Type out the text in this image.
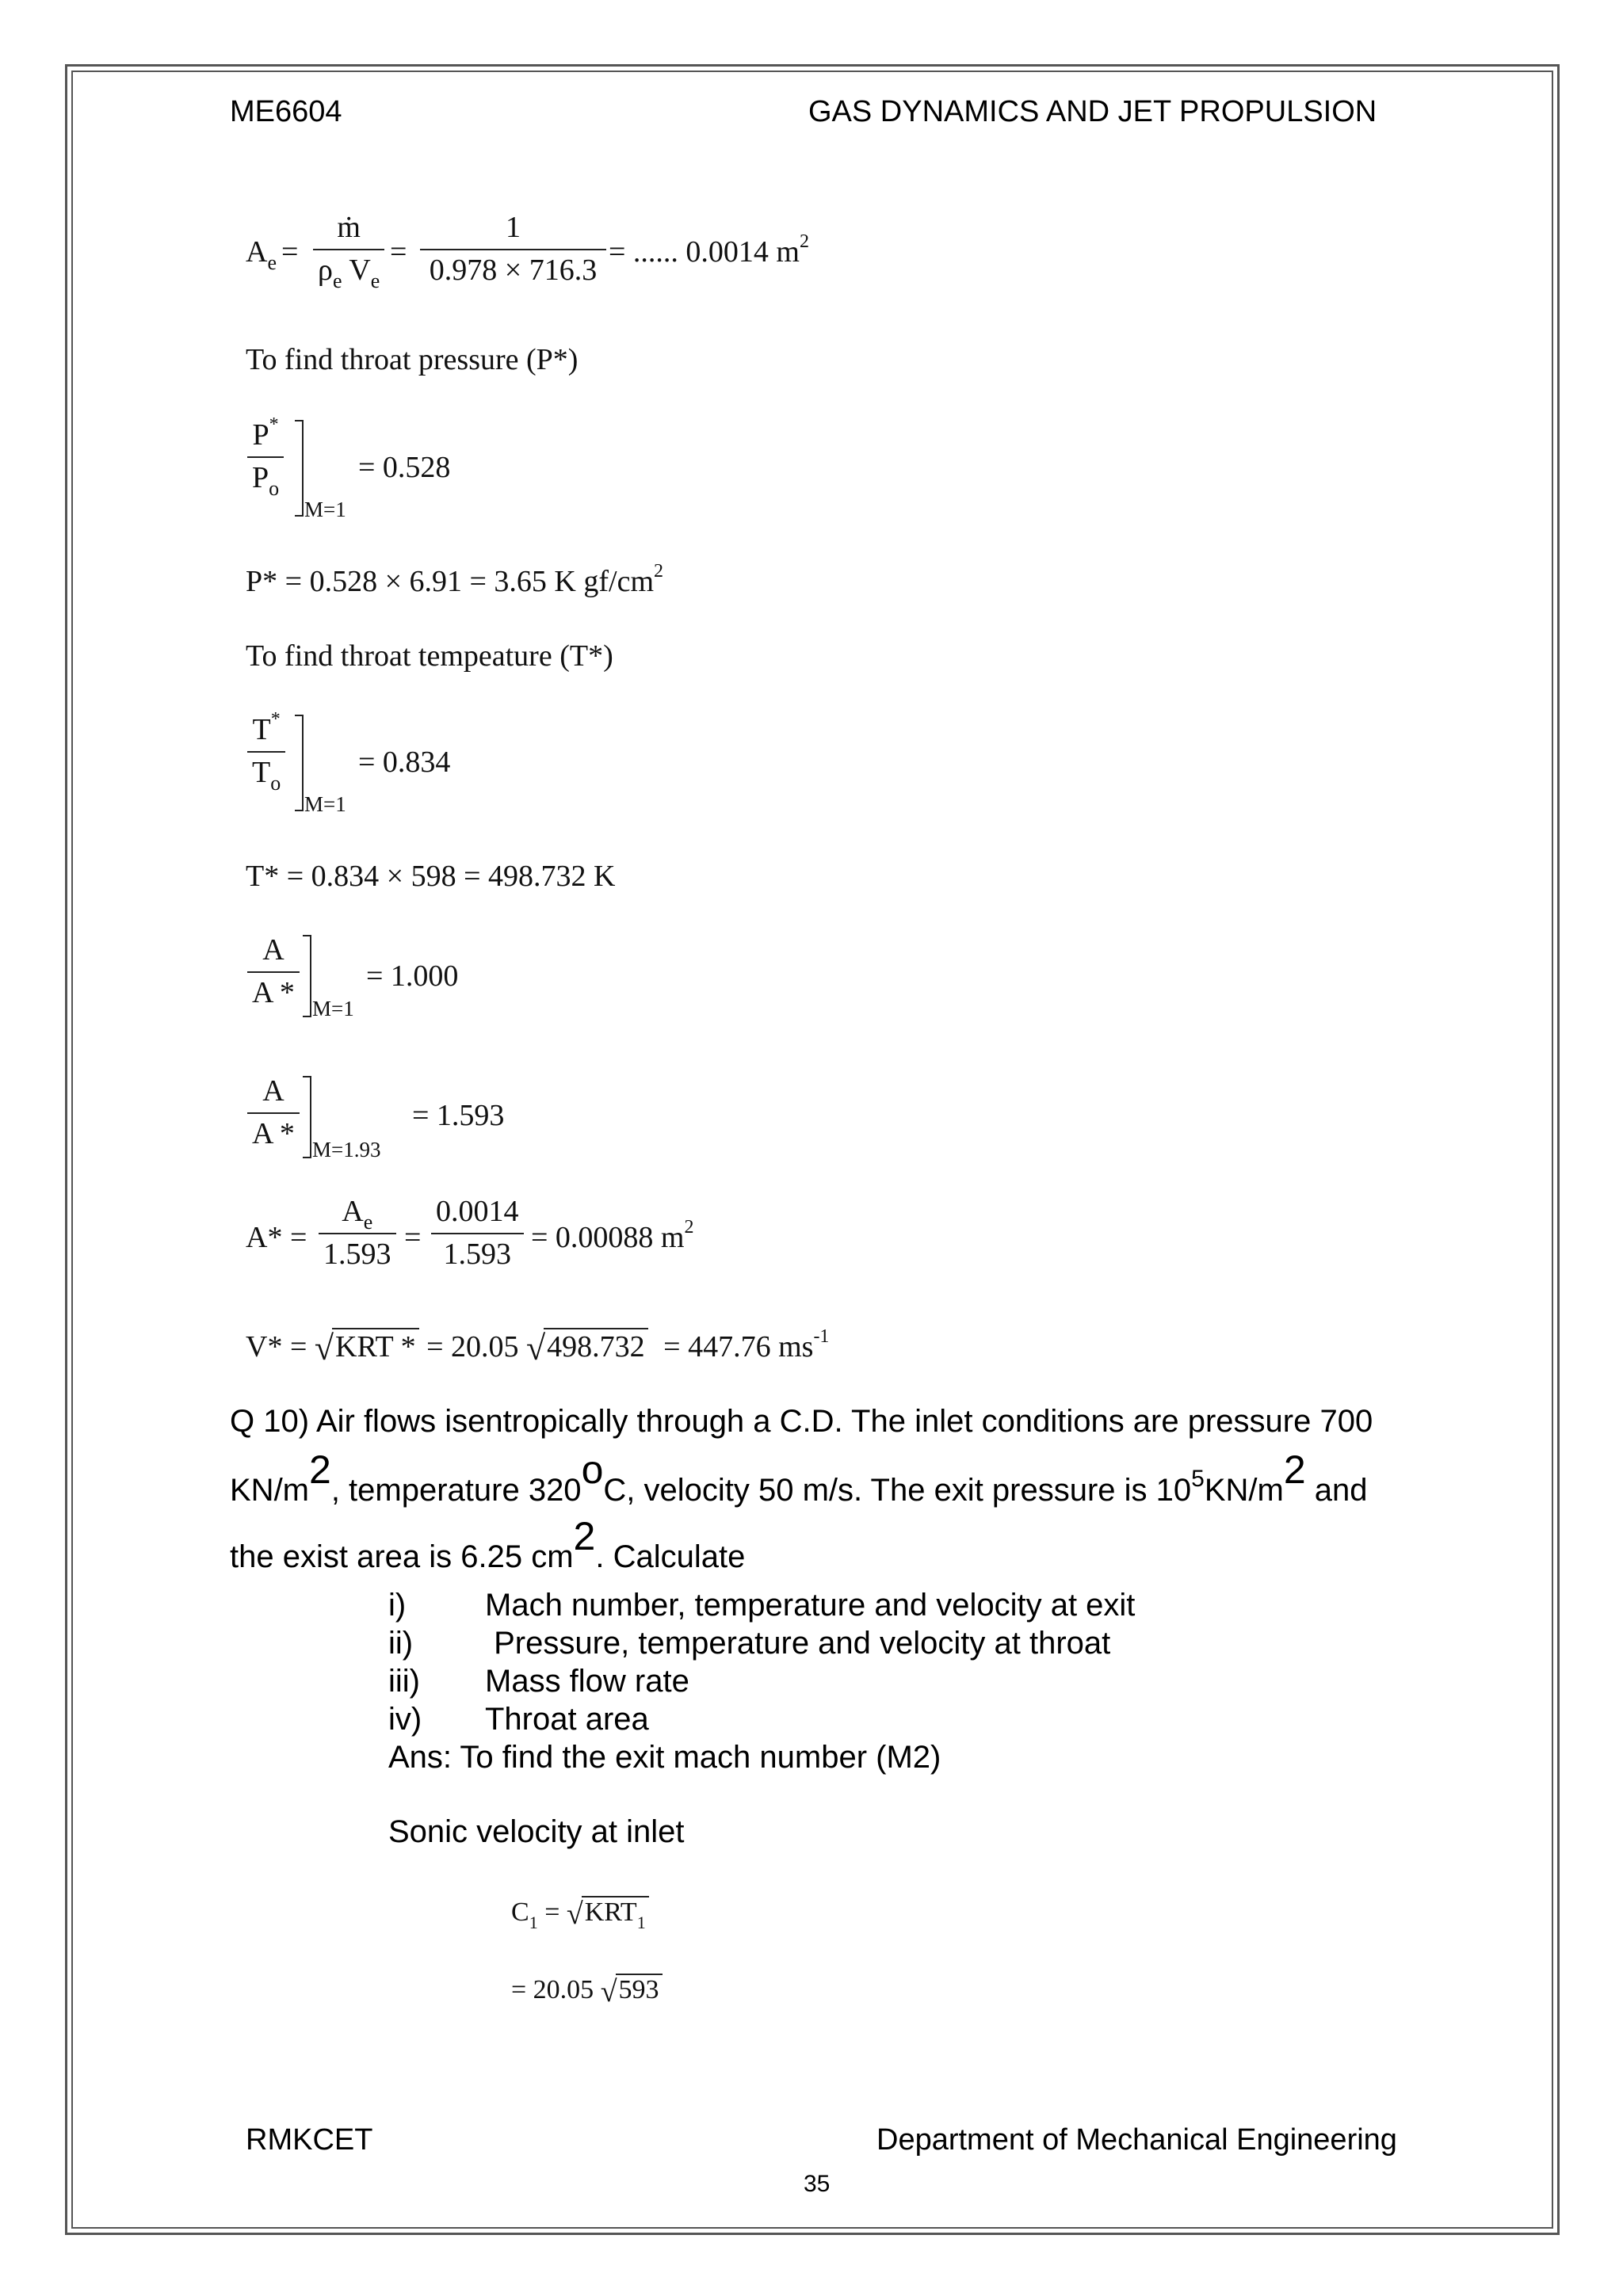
ME6604	GAS DYNAMICS AND JET PROPULSION
$A_e$ =
ṁ
$\rho_e$ $V_e$
=
1
0.978 × 716.3
= ...... 0.0014 $m^2$
To find throat pressure (P*)
P*
$P_o$
M=1
= 0.528
P* = 0.528 × 6.91 = 3.65 K $gf/cm^2$
To find throat tempeature (T*)
T*
$T_o$
M=1
= 0.834
T* = 0.834 × 598 = 498.732 K
A
A * M=1
= 1.000
A
A * M=1.93
= 1.593
A* =
$A_e$
1.593 =
0.0014
1.593 = 0.00088 $m^2$
V* = √KRT * = 20.05 √498.732 = 447.76 $ms^{-1}$
Q 10) Air flows isentropically through a C.D. The inlet conditions are pressure 700
KN/m2, temperature 320oC, velocity 50 m/s. The exit pressure is $10^5KN/m2$ and
the exist area is 6.25 cm2. Calculate
i) Mach number, temperature and velocity at exit
ii) Pressure, temperature and velocity at throat
iii) Mass flow rate
iv) Throat area
Ans: To find the exit mach number (M2)
Sonic velocity at inlet
$C_1 = √KRT_1$
= 20.05 √593
RMKCET	Department of Mechanical Engineering
35
